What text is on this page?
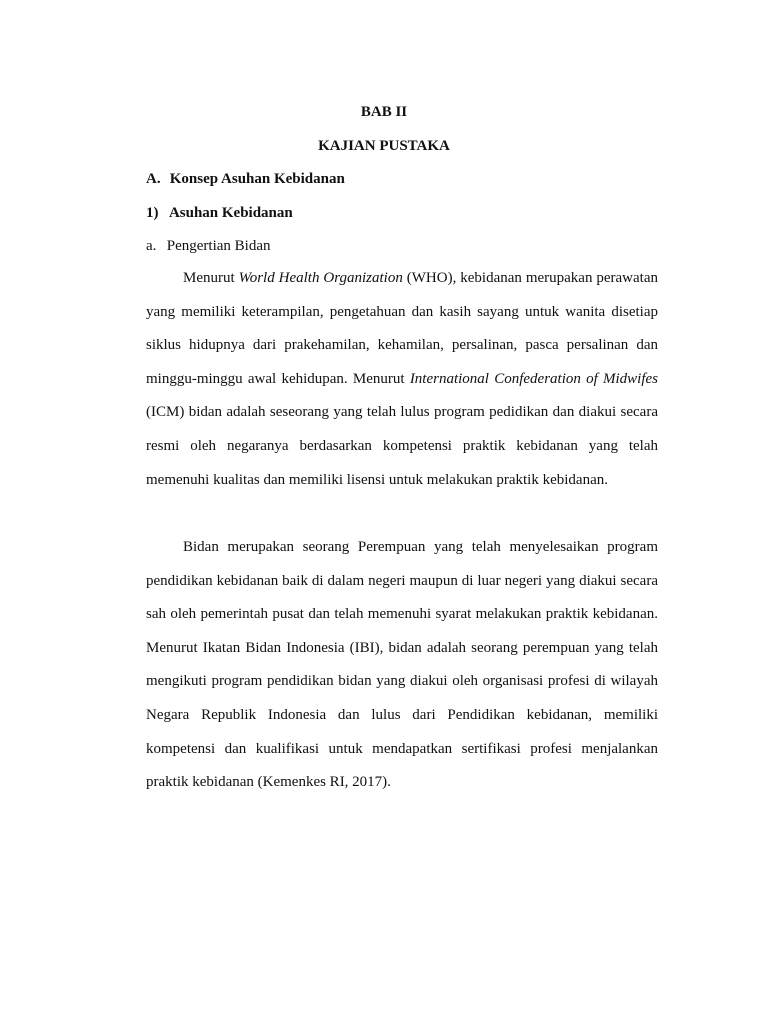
BAB II

KAJIAN PUSTAKA

A. Konsep Asuhan Kebidanan

1) Asuhan Kebidanan

a. Pengertian Bidan

Menurut World Health Organization (WHO), kebidanan merupakan perawatan yang memiliki keterampilan, pengetahuan dan kasih sayang untuk wanita disetiap siklus hidupnya dari prakehamilan, kehamilan, persalinan, pasca persalinan dan minggu-minggu awal kehidupan. Menurut International Confederation of Midwifes (ICM) bidan adalah seseorang yang telah lulus program pedidikan dan diakui secara resmi oleh negaranya berdasarkan kompetensi praktik kebidanan yang telah memenuhi kualitas dan memiliki lisensi untuk melakukan praktik kebidanan.

Bidan merupakan seorang Perempuan yang telah menyelesaikan program pendidikan kebidanan baik di dalam negeri maupun di luar negeri yang diakui secara sah oleh pemerintah pusat dan telah memenuhi syarat melakukan praktik kebidanan. Menurut Ikatan Bidan Indonesia (IBI), bidan adalah seorang perempuan yang telah mengikuti program pendidikan bidan yang diakui oleh organisasi profesi di wilayah Negara Republik Indonesia dan lulus dari Pendidikan kebidanan, memiliki kompetensi dan kualifikasi untuk mendapatkan sertifikasi profesi menjalankan praktik kebidanan (Kemenkes RI, 2017).
